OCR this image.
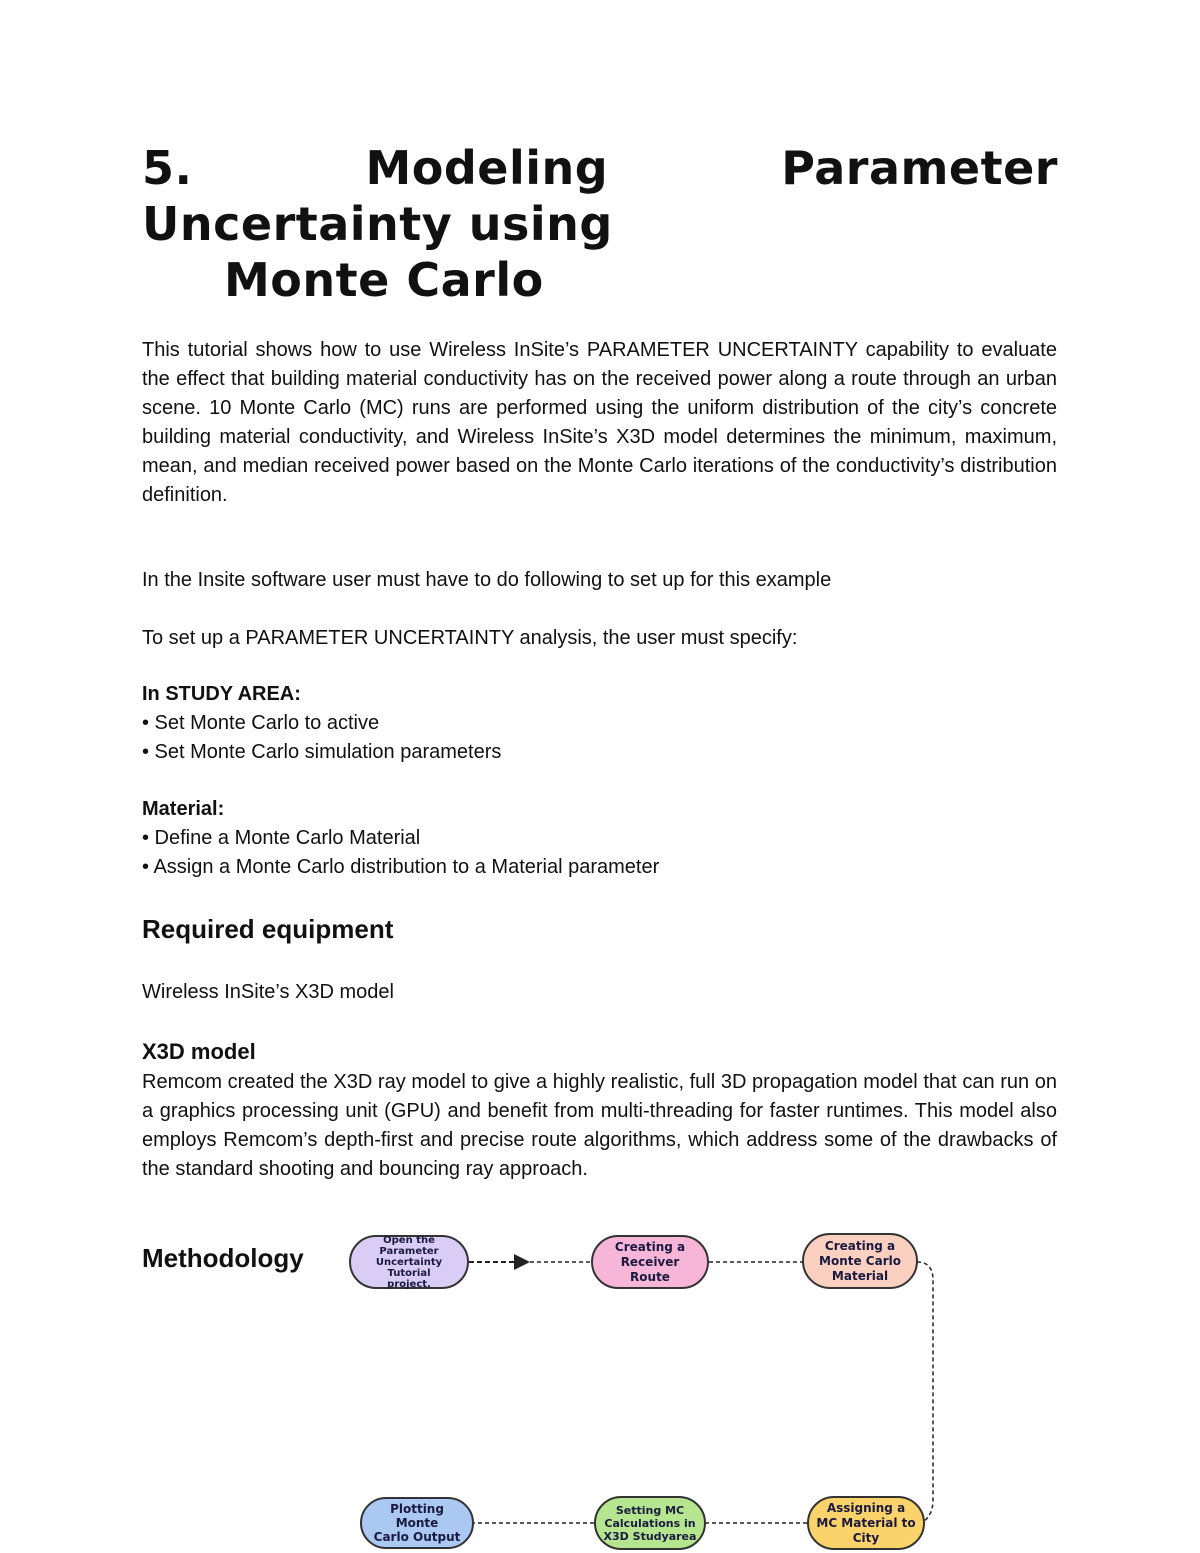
5.	Modeling	Parameter
Uncertainty using
Monte Carlo

This tutorial shows how to use Wireless InSite’s PARAMETER UNCERTAINTY capability to evaluate the effect that building material conductivity has on the received power along a route through an urban scene. 10 Monte Carlo (MC) runs are performed using the uniform distribution of the city’s concrete building material conductivity, and Wireless InSite’s X3D model determines the minimum, maximum, mean, and median received power based on the Monte Carlo iterations of the conductivity’s distribution definition.

In the Insite software user must have to do following to set up for this example

To set up a PARAMETER UNCERTAINTY analysis, the user must specify:

In STUDY AREA:

• Set Monte Carlo to active

• Set Monte Carlo simulation parameters

Material:

• Define a Monte Carlo Material

• Assign a Monte Carlo distribution to a Material parameter

Required equipment

Wireless InSite’s X3D model

X3D model

Remcom created the X3D ray model to give a highly realistic, full 3D propagation model that can run on a graphics processing unit (GPU) and benefit from multi-threading for faster runtimes. This model also employs Remcom’s depth-first and precise route algorithms, which address some of the drawbacks of the standard shooting and bouncing ray approach.

Methodology
Open the Parameter
Uncertainty Tutorial
project.
Creating a
Receiver Route
Creating a
Monte Carlo
Material
Assigning a
MC Material to
City
Setting MC
Calculations in
X3D Studyarea
Plotting Monte
Carlo Output
